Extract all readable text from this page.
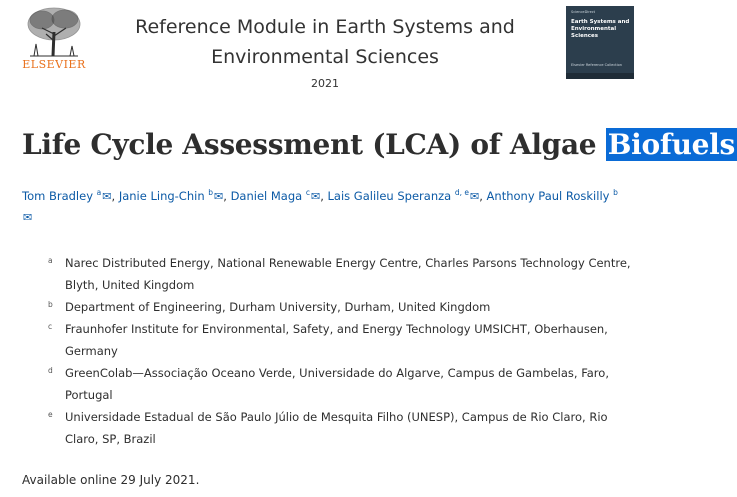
ELSEVIER
Reference Module in Earth Systems and
Environmental Sciences
2021
ScienceDirect
Earth Systems and Environmental Sciences
Elsevier Reference Collection
Life Cycle Assessment (LCA) of Algae Biofuels
Tom Bradley $^a$✉, Janie Ling-Chin $^b$✉, Daniel Maga $^c$✉, Lais Galileu Speranza $^{d, e}$✉, Anthony Paul Roskilly $^b$
✉
a Narec Distributed Energy, National Renewable Energy Centre, Charles Parsons Technology Centre,
Blyth, United Kingdom
b Department of Engineering, Durham University, Durham, United Kingdom
c Fraunhofer Institute for Environmental, Safety, and Energy Technology UMSICHT, Oberhausen,
Germany
d GreenColab—Associação Oceano Verde, Universidade do Algarve, Campus de Gambelas, Faro,
Portugal
e Universidade Estadual de São Paulo Júlio de Mesquita Filho (UNESP), Campus de Rio Claro, Rio
Claro, SP, Brazil
Available online 29 July 2021.
